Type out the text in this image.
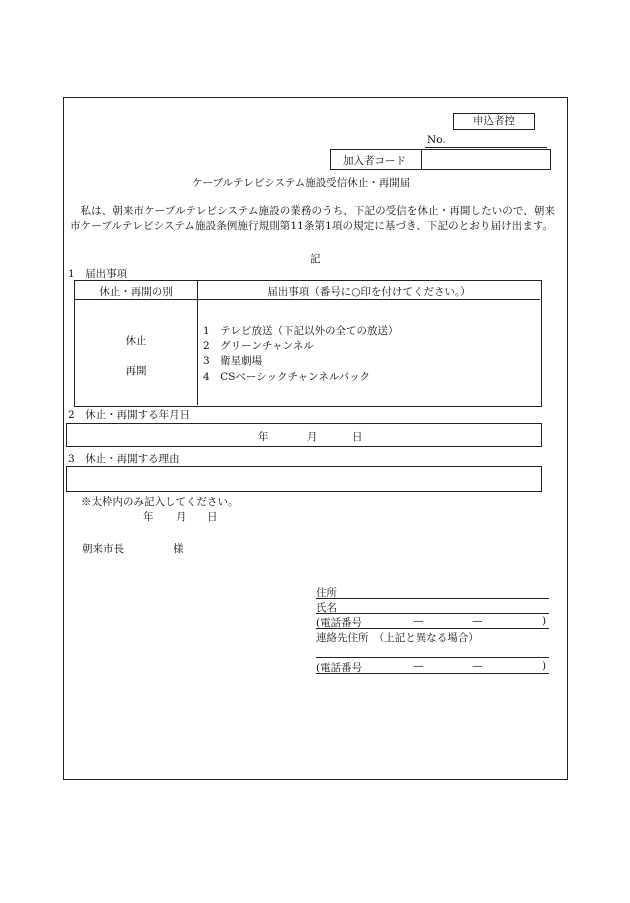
申込者控
No.
加入者コード
ケーブルテレビシステム施設受信休止・再開届
私は、朝来市ケーブルテレビシステム施設の業務のうち、下記の受信を休止・再開したいので、朝来市ケーブルテレビシステム施設条例施行規則第11条第1項の規定に基づき、下記のとおり届け出ます。
記
1　届出事項
休止・再開の別	届出事項（番号に○印を付けてください。）
休止
再開
1　テレビ放送（下記以外の全ての放送）
2　グリーンチャンネル
3　衛星劇場
4　CSベーシックチャンネルパック
2　休止・再開する年月日
年	月	日
3　休止・再開する理由
※太枠内のみ記入してください。
年 月 日
朝来市長	様
住所
氏名
(電話番号	—	—	)
連絡先住所　（上記と異なる場合）
(電話番号	—	—	)
